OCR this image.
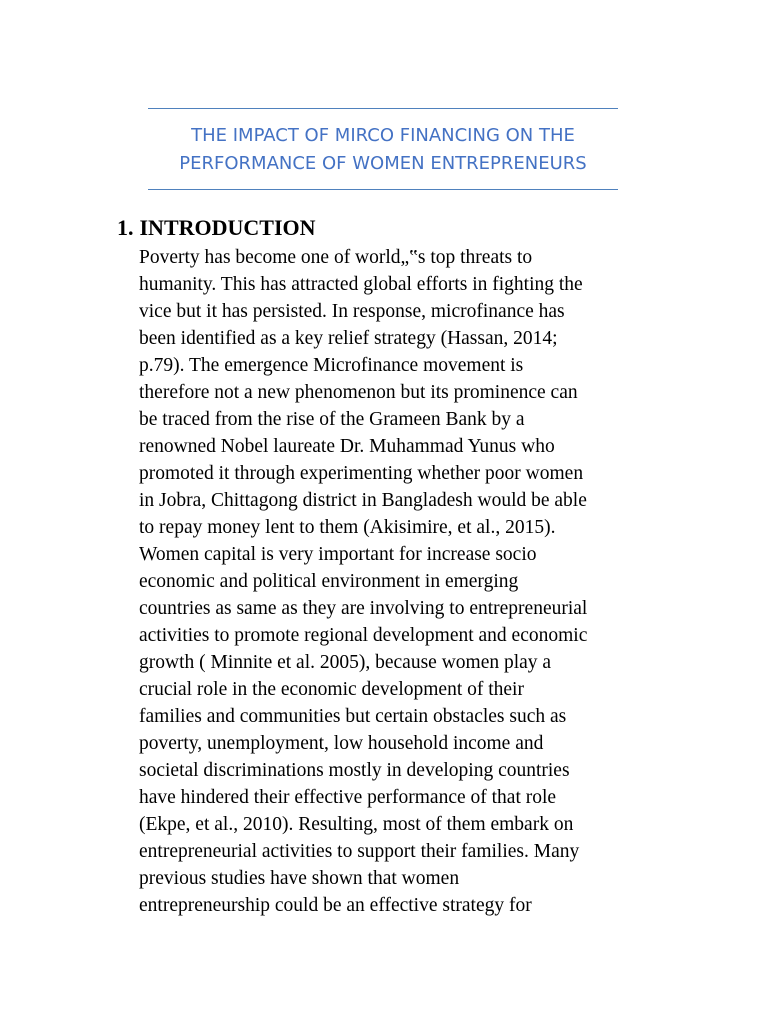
THE IMPACT OF MIRCO FINANCING ON THE
PERFORMANCE OF WOMEN ENTREPRENEURS
1. INTRODUCTION
Poverty has become one of world„‟s top threats to
humanity. This has attracted global efforts in fighting the
vice but it has persisted. In response, microfinance has
been identified as a key relief strategy (Hassan, 2014;
p.79). The emergence Microfinance movement is
therefore not a new phenomenon but its prominence can
be traced from the rise of the Grameen Bank by a
renowned Nobel laureate Dr. Muhammad Yunus who
promoted it through experimenting whether poor women
in Jobra, Chittagong district in Bangladesh would be able
to repay money lent to them (Akisimire, et al., 2015).
Women capital is very important for increase socio
economic and political environment in emerging
countries as same as they are involving to entrepreneurial
activities to promote regional development and economic
growth ( Minnite et al. 2005), because women play a
crucial role in the economic development of their
families and communities but certain obstacles such as
poverty, unemployment, low household income and
societal discriminations mostly in developing countries
have hindered their effective performance of that role
(Ekpe, et al., 2010). Resulting, most of them embark on
entrepreneurial activities to support their families. Many
previous studies have shown that women
entrepreneurship could be an effective strategy for
